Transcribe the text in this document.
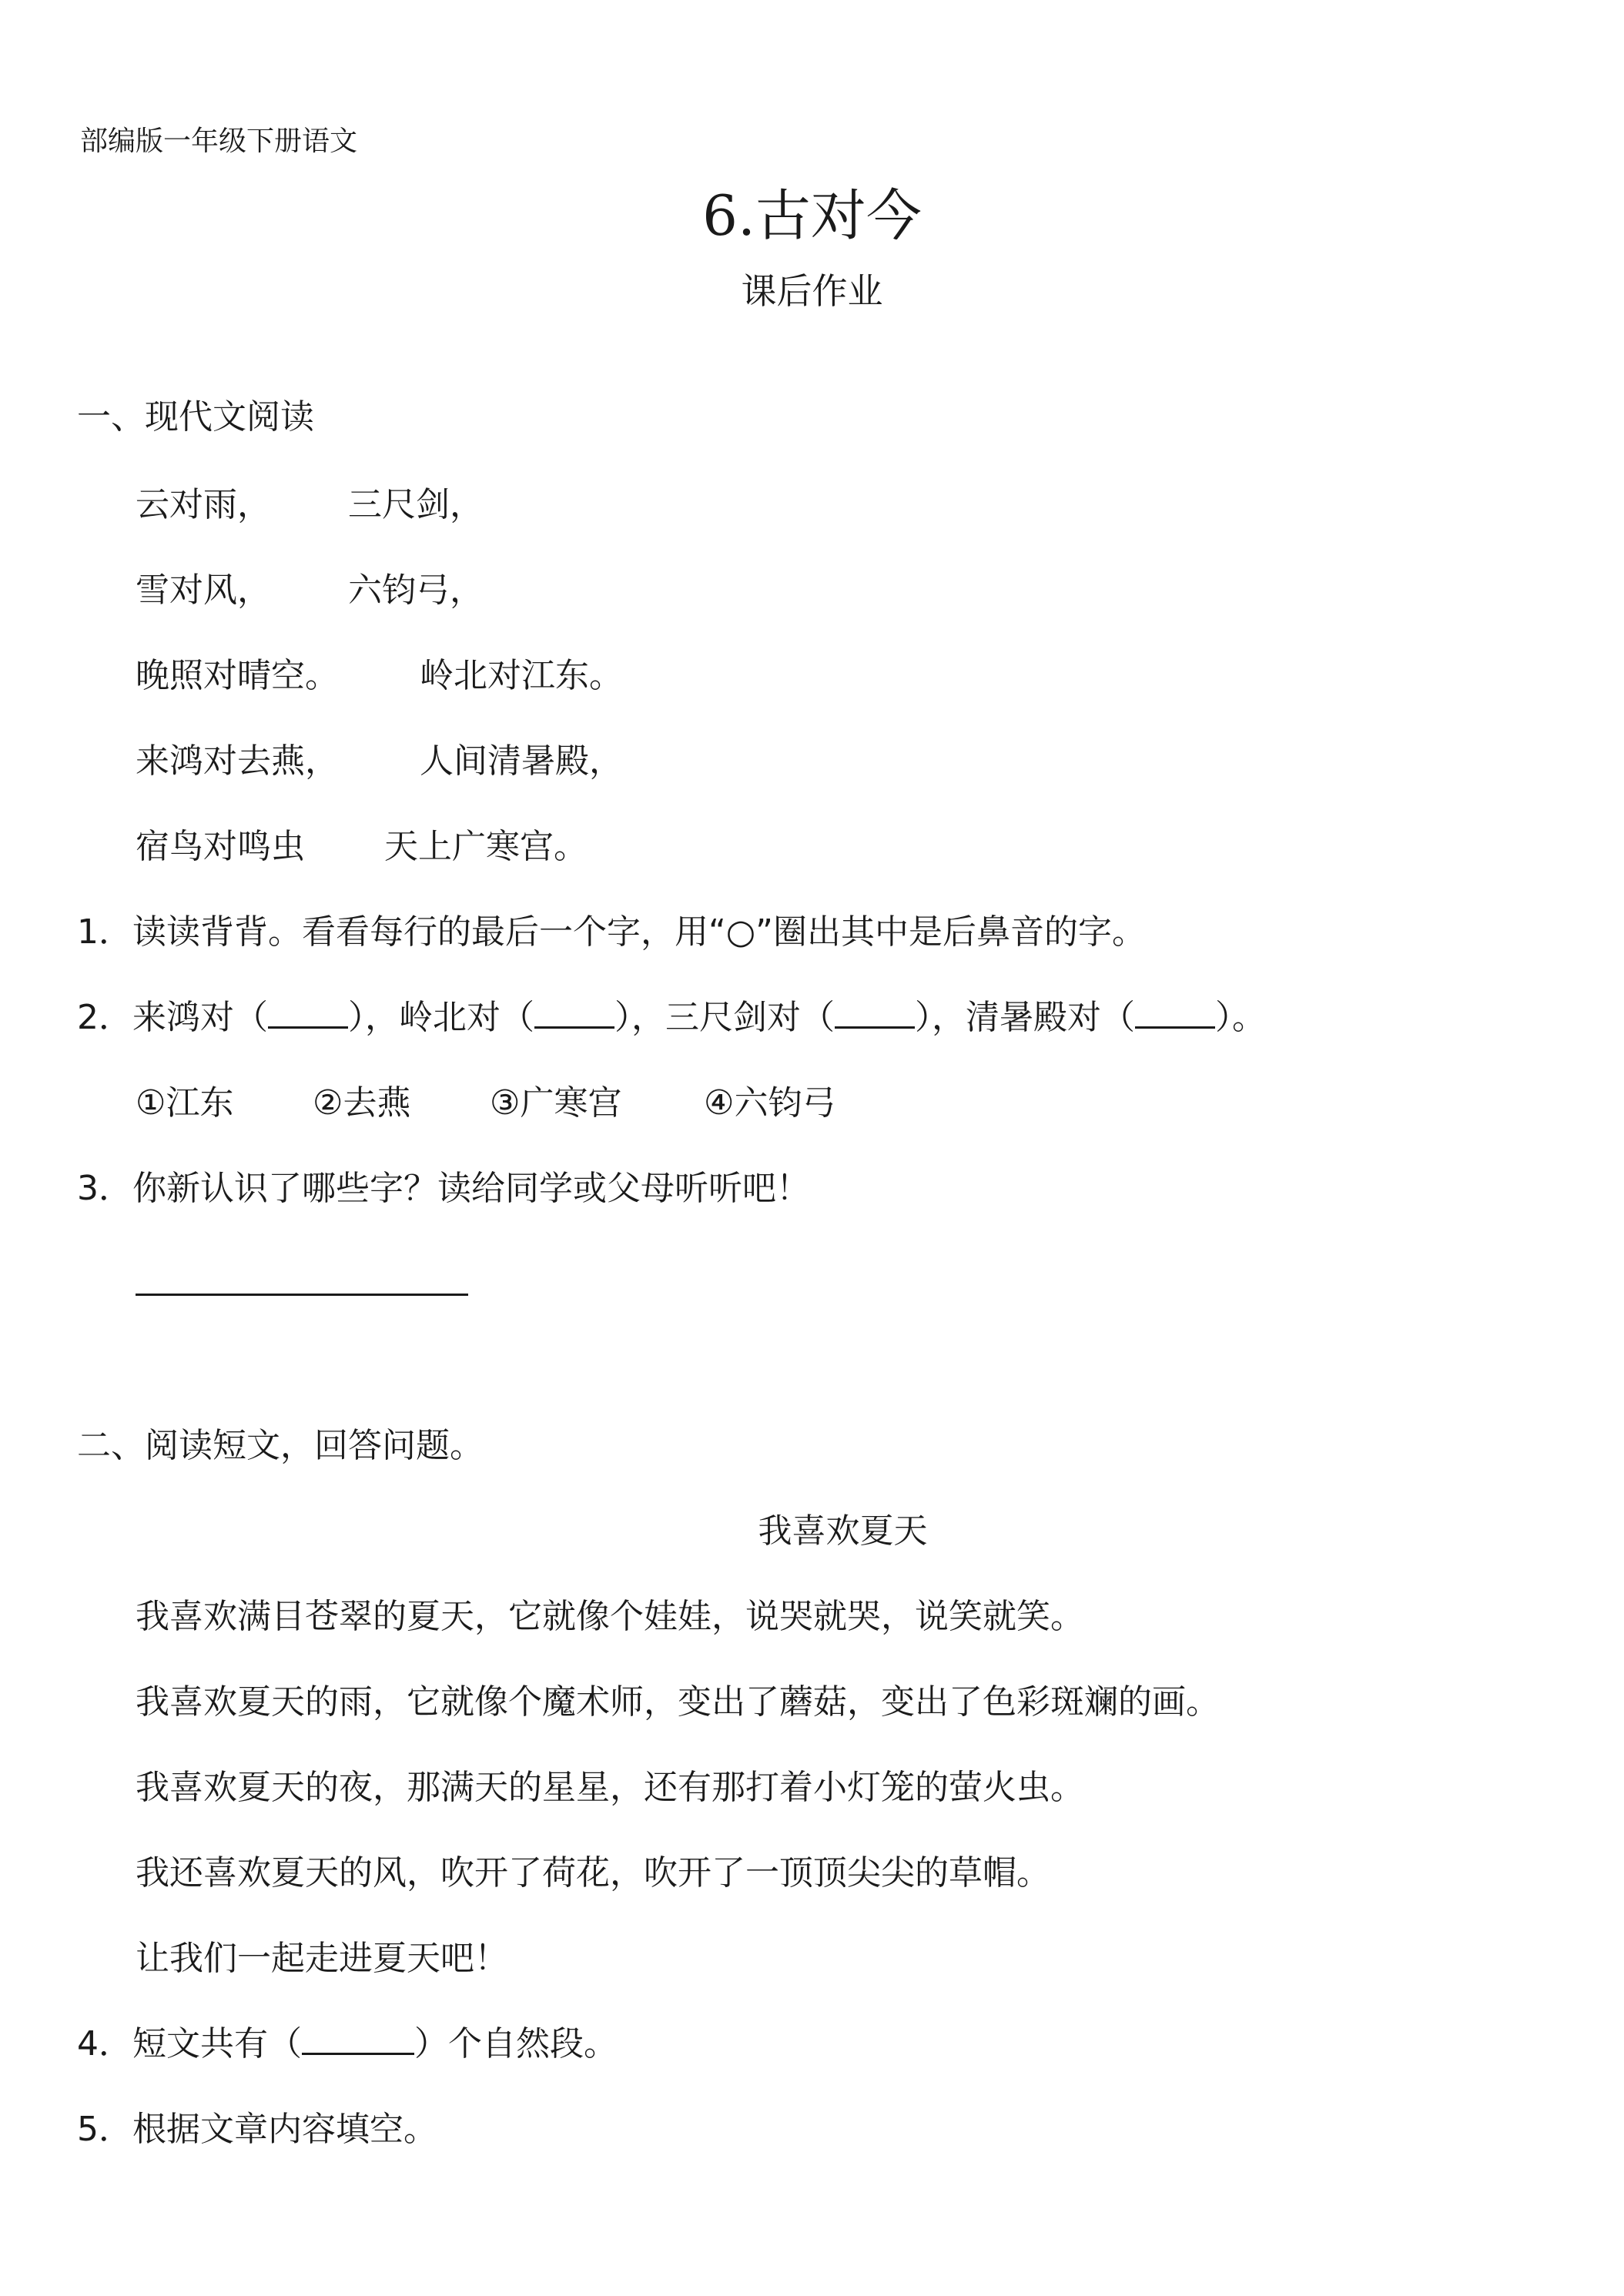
部编版一年级下册语文
6.古对今
课后作业
一、现代文阅读
云对雨， 三尺剑，
雪对风， 六钧弓，
晚照对晴空。 岭北对江东。
来鸿对去燕， 人间清暑殿，
宿鸟对鸣虫 天上广寒宫。
1．读读背背。看看每行的最后一个字，用“○”圈出其中是后鼻音的字。
2．来鸿对（ ），岭北对（ ），三尺剑对（ ），清暑殿对（ ）。
①江东 ②去燕 ③广寒宫 ④六钧弓
3．你新认识了哪些字？读给同学或父母听听吧！
二、阅读短文，回答问题。
我喜欢夏天
我喜欢满目苍翠的夏天，它就像个娃娃，说哭就哭，说笑就笑。
我喜欢夏天的雨，它就像个魔术师，变出了蘑菇，变出了色彩斑斓的画。
我喜欢夏天的夜，那满天的星星，还有那打着小灯笼的萤火虫。
我还喜欢夏天的风，吹开了荷花，吹开了一顶顶尖尖的草帽。
让我们一起走进夏天吧！
4．短文共有（	）个自然段。
5．根据文章内容填空。
